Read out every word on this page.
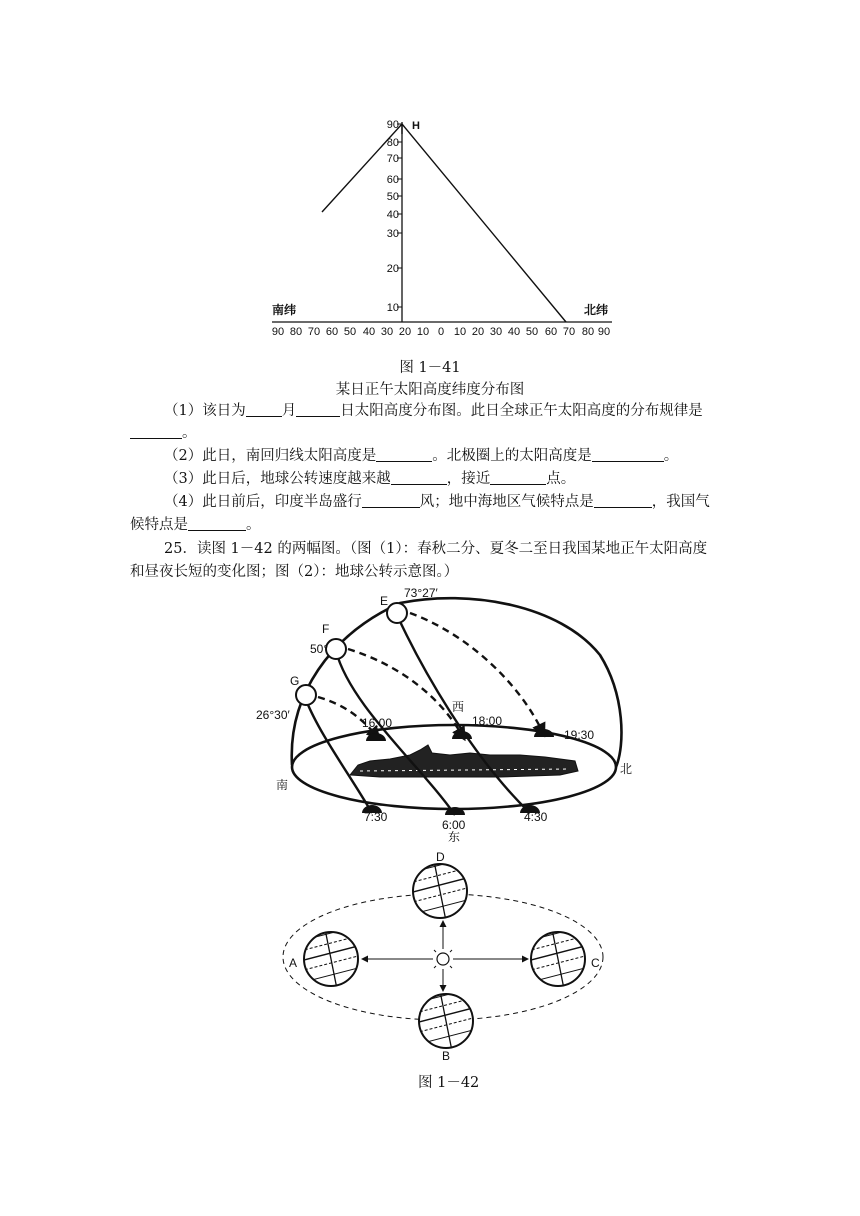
90
80
70
60
50
40
30
20
10
H
南纬	北纬
90 80 70 60 50 40 30 20 10 0 10 20 30 40 50 60 70 80 90
图 1－41
某日正午太阳高度纬度分布图
（1）该日为 月	日太阳高度分布图。此日全球正午太阳高度的分布规律是
。
（2）此日，南回归线太阳高度是	。北极圈上的太阳高度是	。
（3）此日后，地球公转速度越来越	，接近	点。
（4）此日前后，印度半岛盛行	风；地中海地区气候特点是	，我国气
候特点是	。
25．读图 1－42 的两幅图。（图（1）：春秋二分、夏冬二至日我国某地正午太阳高度
和昼夜长短的变化图；图（2）：地球公转示意图。）
E
73°27′
F
50°
G
26°30′
西
16:00	18:00
19:30
南
北
7:30
6:00
4:30
东
A
B
C
D
图 1－42
